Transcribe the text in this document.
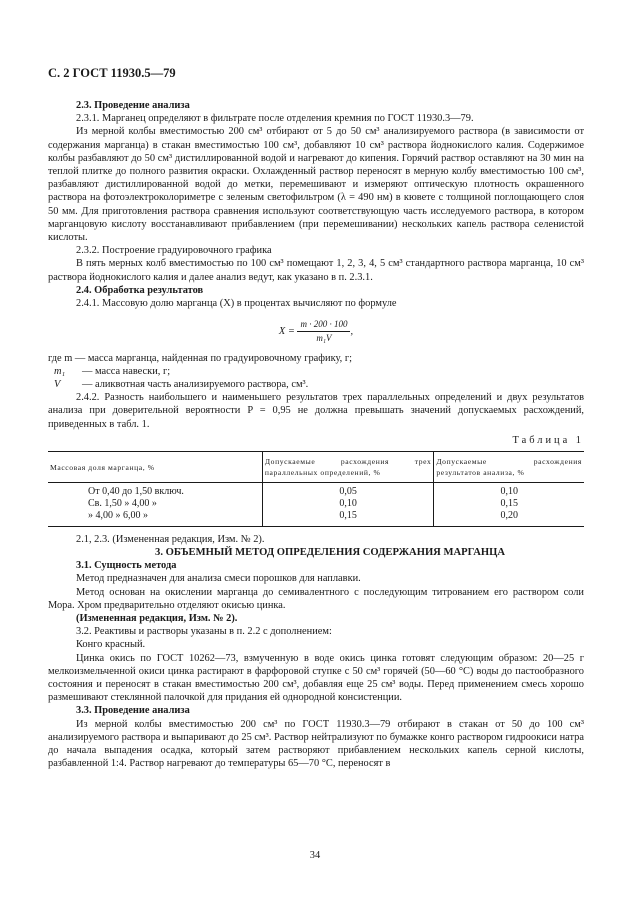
С. 2 ГОСТ 11930.5—79

2.3. Проведение анализа

2.3.1. Марганец определяют в фильтрате после отделения кремния по ГОСТ 11930.3—79.

Из мерной колбы вместимостью 200 см³ отбирают от 5 до 50 см³ анализируемого раствора (в зависимости от содержания марганца) в стакан вместимостью 100 см³, добавляют 10 см³ раствора йоднокислого калия. Содержимое колбы разбавляют до 50 см³ дистиллированной водой и нагревают до кипения. Горячий раствор оставляют на 30 мин на теплой плитке до полного развития окраски. Охлажденный раствор переносят в мерную колбу вместимостью 100 см³, разбавляют дистиллированной водой до метки, перемешивают и измеряют оптическую плотность окрашенного раствора на фотоэлектроколориметре с зеленым светофильтром (λ = 490 нм) в кювете с толщиной поглощающего слоя 50 мм. Для приготовления раствора сравнения используют соответствующую часть исследуемого раствора, в котором марганцовую кислоту восстанавливают прибавлением (при перемешивании) нескольких капель раствора селенистой кислоты.

2.3.2. Построение градуировочного графика

В пять мерных колб вместимостью по 100 см³ помещают 1, 2, 3, 4, 5 см³ стандартного раствора марганца, 10 см³ раствора йоднокислого калия и далее анализ ведут, как указано в п. 2.3.1.

2.4. Обработка результатов

2.4.1. Массовую долю марганца (X) в процентах вычисляют по формуле

$X = \frac{m \cdot 200 \cdot 100}{\text{m₁V}}$ ,

где m — масса марганца, найденная по градуировочному графику, г;

m₁	— масса навески, г;
V	— аликвотная часть анализируемого раствора, см³.

2.4.2. Разность наибольшего и наименьшего результатов трех параллельных определений и двух результатов анализа при доверительной вероятности P = 0,95 не должна превышать значений допускаемых расхождений, приведенных в табл. 1.

Таблица 1
Массовая доля марганца, %	Допускаемые расхождения трех параллельных определений, %	Допускаемые расхождения результатов анализа, %
От 0,40 до 1,50 включ.	0,05	0,10
Св. 1,50 » 4,00 »	0,10	0,15
» 4,00 » 6,00 »	0,15	0,20

2.1, 2.3. (Измененная редакция, Изм. № 2).

3. ОБЪЕМНЫЙ МЕТОД ОПРЕДЕЛЕНИЯ СОДЕРЖАНИЯ МАРГАНЦА

3.1. Сущность метода

Метод предназначен для анализа смеси порошков для наплавки.

Метод основан на окислении марганца до семивалентного с последующим титрованием его раствором соли Мора. Хром предварительно отделяют окисью цинка.

(Измененная редакция, Изм. № 2).

3.2. Реактивы и растворы указаны в п. 2.2 с дополнением:

Конго красный.

Цинка окись по ГОСТ 10262—73, взмученную в воде окись цинка готовят следующим образом: 20—25 г мелкоизмельченной окиси цинка растирают в фарфоровой ступке с 50 см³ горячей (50—60 °С) воды до пастообразного состояния и переносят в стакан вместимостью 200 см³, добавляя еще 25 см³ воды. Перед применением смесь хорошо размешивают стеклянной палочкой для придания ей однородной консистенции.

3.3. Проведение анализа

Из мерной колбы вместимостью 200 см³ по ГОСТ 11930.3—79 отбирают в стакан от 50 до 100 см³ анализируемого раствора и выпаривают до 25 см³. Раствор нейтрализуют по бумажке конго раствором гидроокиси натра до начала выпадения осадка, который затем растворяют прибавлением нескольких капель серной кислоты, разбавленной 1:4. Раствор нагревают до температуры 65—70 °С, переносят в

34
